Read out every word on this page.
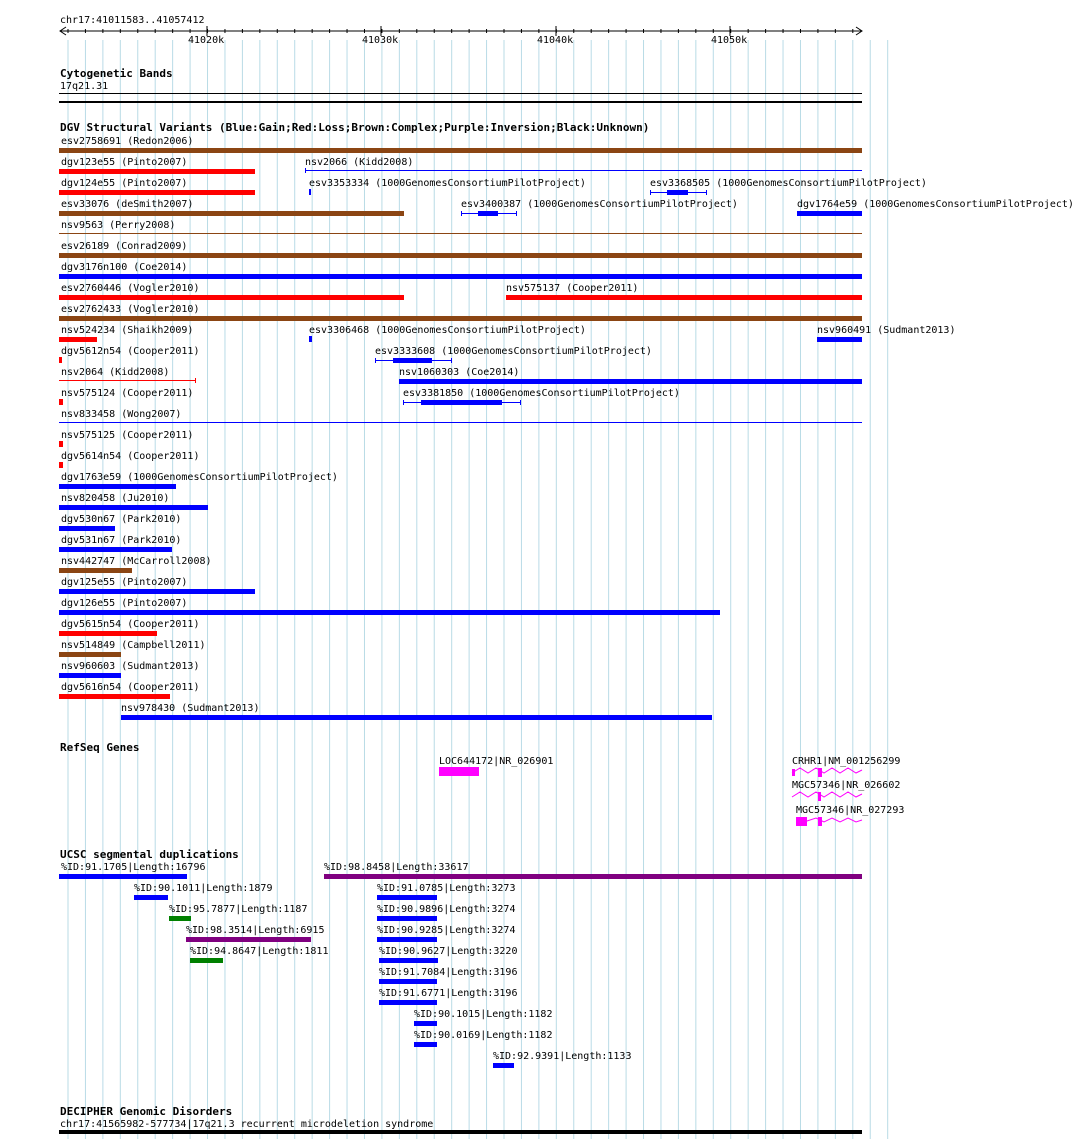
chr17:41011583..41057412
41020k	41030k	41040k	41050k
Cytogenetic Bands
17q21.31
DGV Structural Variants (Blue:Gain;Red:Loss;Brown:Complex;Purple:Inversion;Black:Unknown)
esv2758691 (Redon2006)
dgv123e55 (Pinto2007)	nsv2066 (Kidd2008)
dgv124e55 (Pinto2007)	esv3353334 (1000GenomesConsortiumPilotProject)	esv3368505 (1000GenomesConsortiumPilotProject)
esv33076 (deSmith2007)	esv3400387 (1000GenomesConsortiumPilotProject)	dgv1764e59 (1000GenomesConsortiumPilotProject)
nsv9563 (Perry2008)
esv26189 (Conrad2009)
dgv3176n100 (Coe2014)
esv2760446 (Vogler2010)	nsv575137 (Cooper2011)
esv2762433 (Vogler2010)
nsv524234 (Shaikh2009)	esv3306468 (1000GenomesConsortiumPilotProject)	nsv960491 (Sudmant2013)
dgv5612n54 (Cooper2011)	esv3333608 (1000GenomesConsortiumPilotProject)
nsv2064 (Kidd2008)	nsv1060303 (Coe2014)
nsv575124 (Cooper2011)	esv3381850 (1000GenomesConsortiumPilotProject)
nsv833458 (Wong2007)
nsv575125 (Cooper2011)
dgv5614n54 (Cooper2011)
dgv1763e59 (1000GenomesConsortiumPilotProject)
nsv820458 (Ju2010)
dgv530n67 (Park2010)
dgv531n67 (Park2010)
nsv442747 (McCarroll2008)
dgv125e55 (Pinto2007)
dgv126e55 (Pinto2007)
dgv5615n54 (Cooper2011)
nsv514849 (Campbell2011)
nsv960603 (Sudmant2013)
dgv5616n54 (Cooper2011)
nsv978430 (Sudmant2013)
RefSeq Genes
LOC644172|NR_026901	CRHR1|NM_001256299
MGC57346|NR_026602
MGC57346|NR_027293
UCSC segmental duplications
%ID:91.1705|Length:16796	%ID:98.8458|Length:33617
%ID:90.1011|Length:1879	%ID:91.0785|Length:3273
%ID:95.7877|Length:1187	%ID:90.9896|Length:3274
%ID:98.3514|Length:6915	%ID:90.9285|Length:3274
%ID:94.8647|Length:1811	%ID:90.9627|Length:3220
%ID:91.7084|Length:3196
%ID:91.6771|Length:3196
%ID:90.1015|Length:1182
%ID:90.0169|Length:1182
%ID:92.9391|Length:1133
DECIPHER Genomic Disorders
chr17:41565982-577734|17q21.3 recurrent microdeletion syndrome
